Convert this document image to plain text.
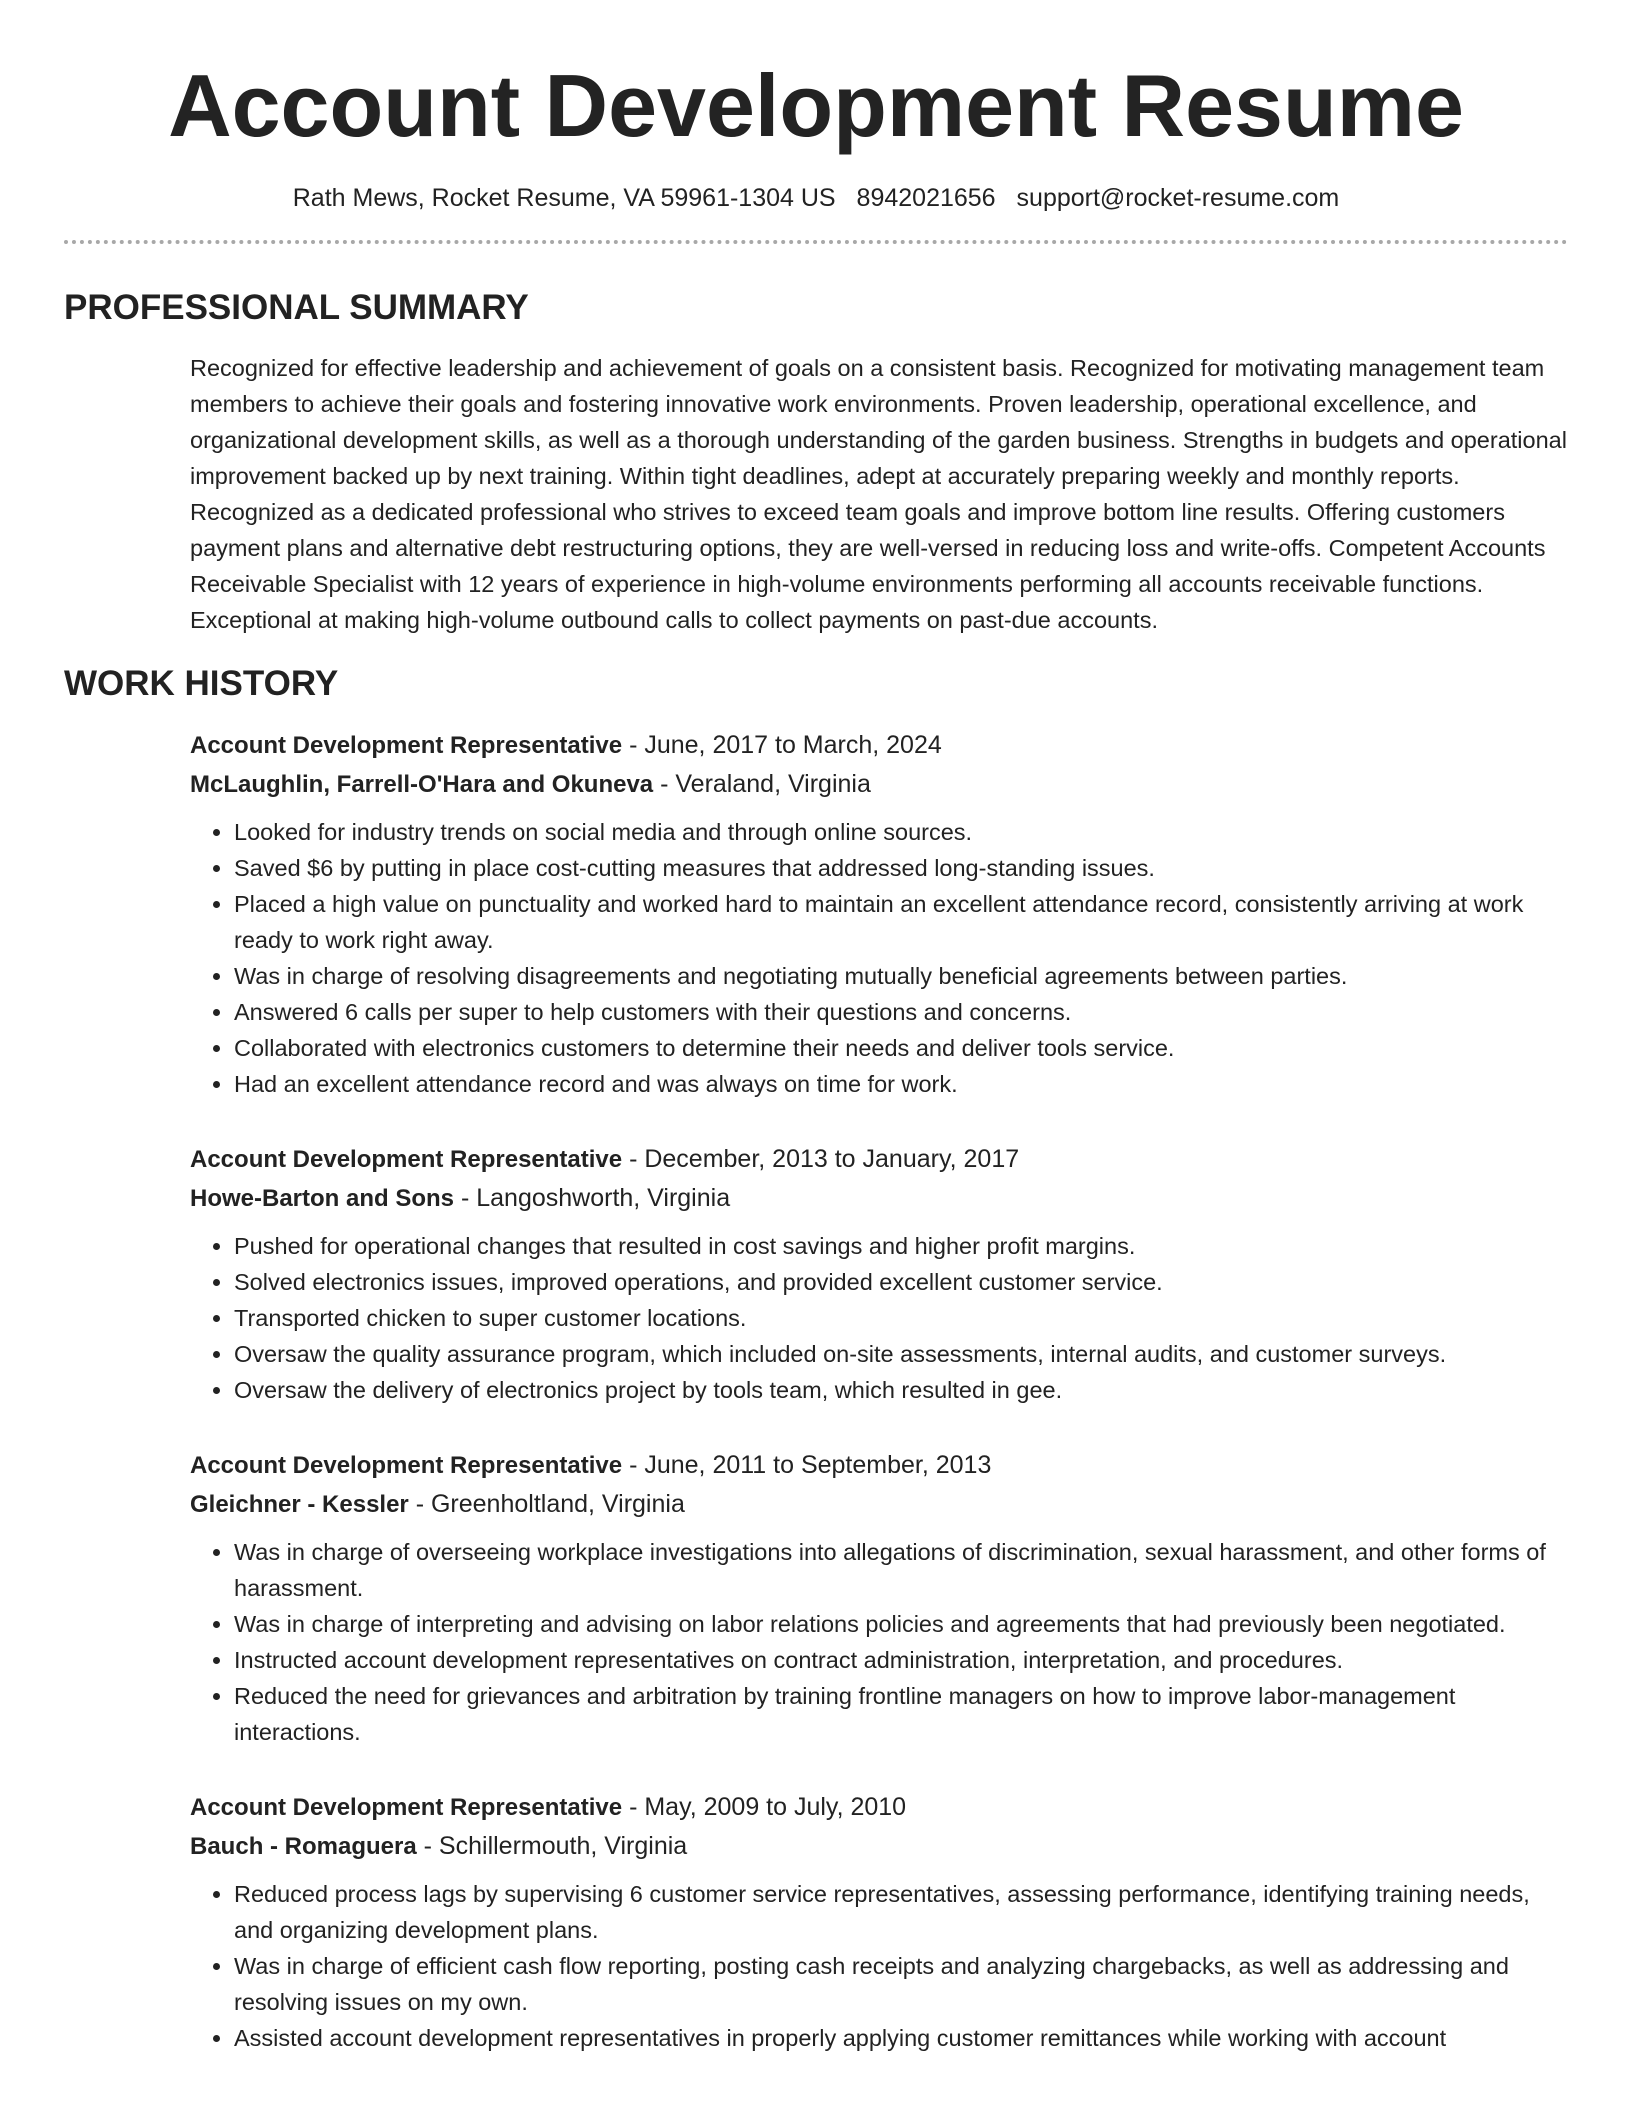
Account Development Resume
Rath Mews, Rocket Resume, VA 59961-1304 US 8942021656 support@rocket-resume.com
PROFESSIONAL SUMMARY

Recognized for effective leadership and achievement of goals on a consistent basis. Recognized for motivating management team members to achieve their goals and fostering innovative work environments. Proven leadership, operational excellence, and organizational development skills, as well as a thorough understanding of the garden business. Strengths in budgets and operational improvement backed up by next training. Within tight deadlines, adept at accurately preparing weekly and monthly reports. Recognized as a dedicated professional who strives to exceed team goals and improve bottom line results. Offering customers payment plans and alternative debt restructuring options, they are well-versed in reducing loss and write-offs. Competent Accounts Receivable Specialist with 12 years of experience in high-volume environments performing all accounts receivable functions. Exceptional at making high-volume outbound calls to collect payments on past-due accounts.

WORK HISTORY
Account Development Representative - June, 2017 to March, 2024
McLaughlin, Farrell-O'Hara and Okuneva - Veraland, Virginia
• Looked for industry trends on social media and through online sources.
• Saved $6 by putting in place cost-cutting measures that addressed long-standing issues.
• Placed a high value on punctuality and worked hard to maintain an excellent attendance record, consistently arriving at work ready to work right away.
• Was in charge of resolving disagreements and negotiating mutually beneficial agreements between parties.
• Answered 6 calls per super to help customers with their questions and concerns.
• Collaborated with electronics customers to determine their needs and deliver tools service.
• Had an excellent attendance record and was always on time for work.
Account Development Representative - December, 2013 to January, 2017
Howe-Barton and Sons - Langoshworth, Virginia
• Pushed for operational changes that resulted in cost savings and higher profit margins.
• Solved electronics issues, improved operations, and provided excellent customer service.
• Transported chicken to super customer locations.
• Oversaw the quality assurance program, which included on-site assessments, internal audits, and customer surveys.
• Oversaw the delivery of electronics project by tools team, which resulted in gee.
Account Development Representative - June, 2011 to September, 2013
Gleichner - Kessler - Greenholtland, Virginia
• Was in charge of overseeing workplace investigations into allegations of discrimination, sexual harassment, and other forms of harassment.
• Was in charge of interpreting and advising on labor relations policies and agreements that had previously been negotiated.
• Instructed account development representatives on contract administration, interpretation, and procedures.
• Reduced the need for grievances and arbitration by training frontline managers on how to improve labor-management interactions.
Account Development Representative - May, 2009 to July, 2010
Bauch - Romaguera - Schillermouth, Virginia
• Reduced process lags by supervising 6 customer service representatives, assessing performance, identifying training needs, and organizing development plans.
• Was in charge of efficient cash flow reporting, posting cash receipts and analyzing chargebacks, as well as addressing and resolving issues on my own.
• Assisted account development representatives in properly applying customer remittances while working with account
